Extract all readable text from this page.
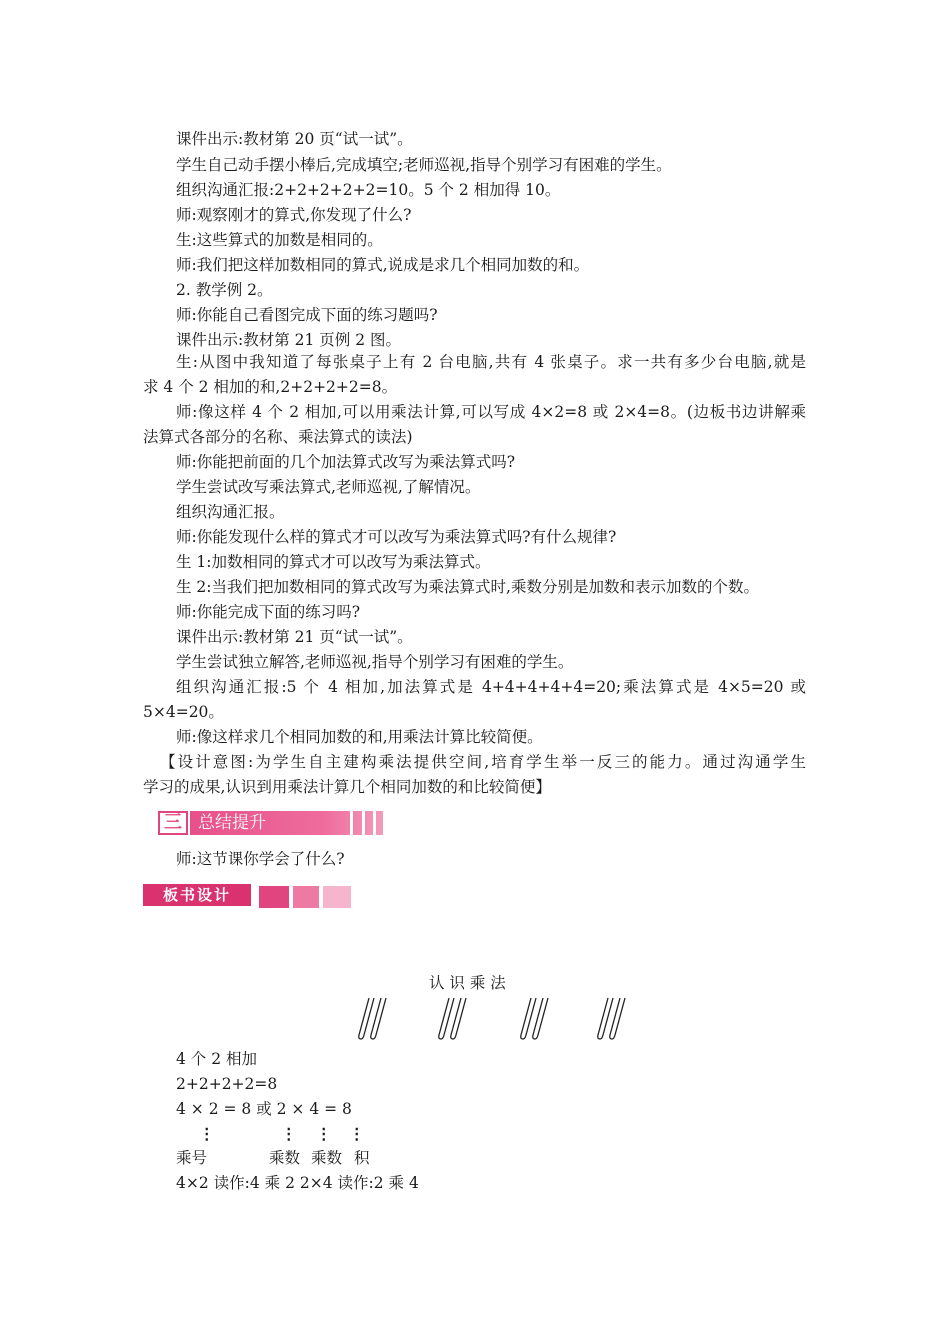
课件出示:教材第 20 页“试一试”。
学生自己动手摆小棒后,完成填空;老师巡视,指导个别学习有困难的学生。
组织沟通汇报:2+2+2+2+2=10。5 个 2 相加得 10。
师:观察刚才的算式,你发现了什么?
生:这些算式的加数是相同的。
师:我们把这样加数相同的算式,说成是求几个相同加数的和。
2. 教学例 2。
师:你能自己看图完成下面的练习题吗?
课件出示:教材第 21 页例 2 图。
生:从图中我知道了每张桌子上有 2 台电脑,共有 4 张桌子。求一共有多少台电脑,就是
求 4 个 2 相加的和,2+2+2+2=8。
师:像这样 4 个 2 相加,可以用乘法计算,可以写成 4×2=8 或 2×4=8。(边板书边讲解乘
法算式各部分的名称、乘法算式的读法)
师:你能把前面的几个加法算式改写为乘法算式吗?
学生尝试改写乘法算式,老师巡视,了解情况。
组织沟通汇报。
师:你能发现什么样的算式才可以改写为乘法算式吗?有什么规律?
生 1:加数相同的算式才可以改写为乘法算式。
生 2:当我们把加数相同的算式改写为乘法算式时,乘数分别是加数和表示加数的个数。
师:你能完成下面的练习吗?
课件出示:教材第 21 页“试一试”。
学生尝试独立解答,老师巡视,指导个别学习有困难的学生。
组织沟通汇报:5 个 4 相加,加法算式是 4+4+4+4+4=20;乘法算式是 4×5=20 或
5×4=20。
师:像这样求几个相同加数的和,用乘法计算比较简便。
【设计意图:为学生自主建构乘法提供空间,培育学生举一反三的能力。通过沟通学生
学习的成果,认识到用乘法计算几个相同加数的和比较简便】
三 总结提升
师:这节课你学会了什么?
板书设计
认 识 乘 法
4 个 2 相加
2+2+2+2=8
4 × 2 = 8 或 2 × 4 = 8
⋮	⋮ ⋮ ⋮
乘号	乘数 乘数 积
4×2 读作:4 乘 2 2×4 读作:2 乘 4
